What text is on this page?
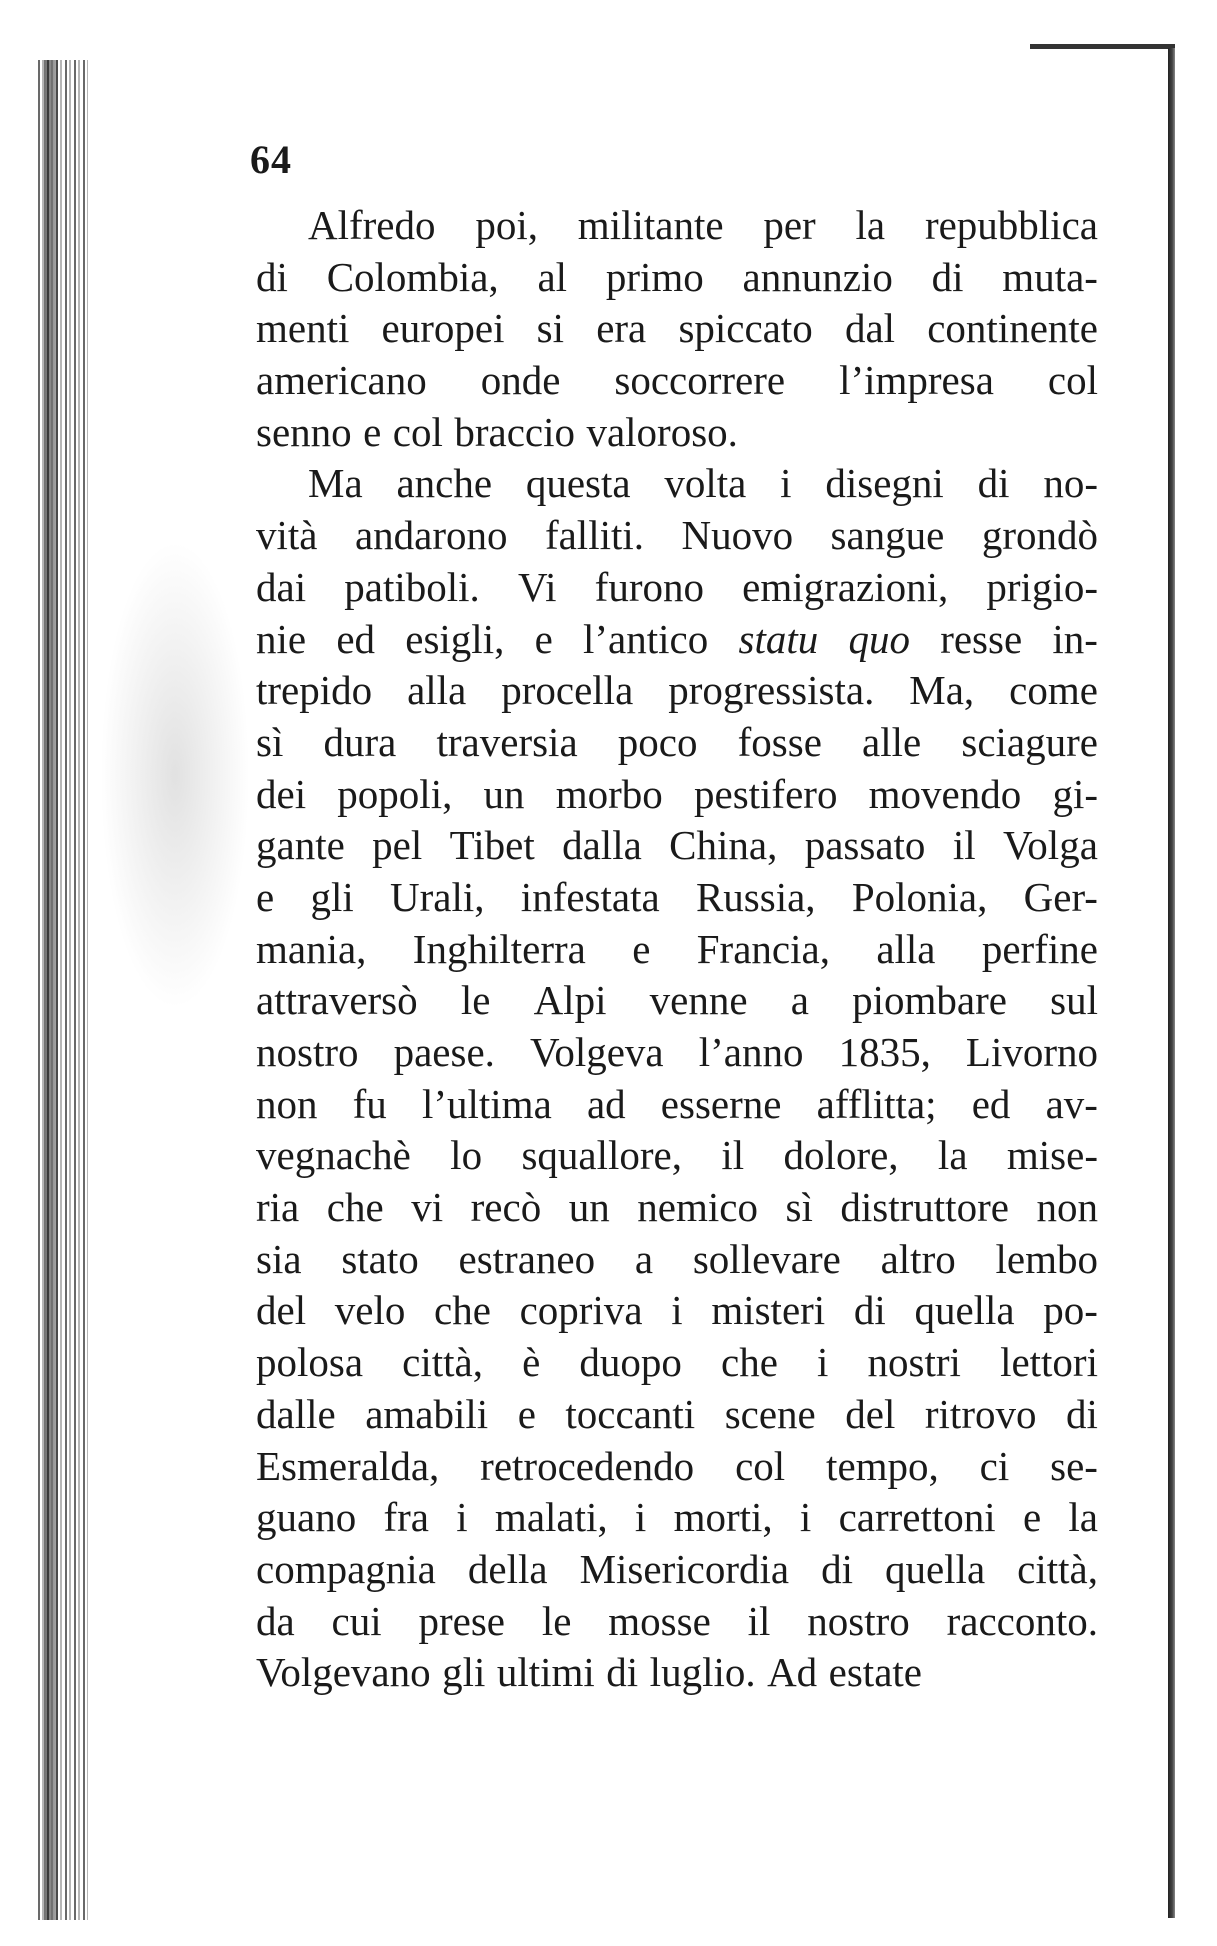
64
Alfredo poi, militante per la repubblica
di Colombia, al primo annunzio di muta-
menti europei si era spiccato dal continente
americano onde soccorrere l’impresa col
senno e col braccio valoroso.
Ma anche questa volta i disegni di no-
vità andarono falliti. Nuovo sangue grondò
dai patiboli. Vi furono emigrazioni, prigio-
nie ed esigli, e l’antico statu quo resse in-
trepido alla procella progressista. Ma, come
sì dura traversia poco fosse alle sciagure
dei popoli, un morbo pestifero movendo gi-
gante pel Tibet dalla China, passato il Volga
e gli Urali, infestata Russia, Polonia, Ger-
mania, Inghilterra e Francia, alla perfine
attraversò le Alpi venne a piombare sul
nostro paese. Volgeva l’anno 1835, Livorno
non fu l’ultima ad esserne afflitta; ed av-
vegnachè lo squallore, il dolore, la mise-
ria che vi recò un nemico sì distruttore non
sia stato estraneo a sollevare altro lembo
del velo che copriva i misteri di quella po-
polosa città, è duopo che i nostri lettori
dalle amabili e toccanti scene del ritrovo di
Esmeralda, retrocedendo col tempo, ci se-
guano fra i malati, i morti, i carrettoni e la
compagnia della Misericordia di quella città,
da cui prese le mosse il nostro racconto.
Volgevano gli ultimi di luglio. Ad estate
